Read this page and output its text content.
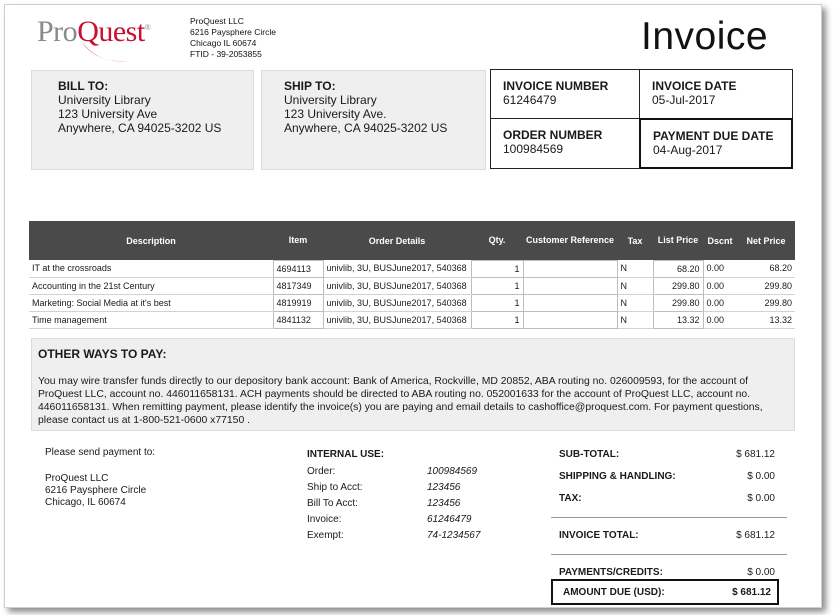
ProQuest®
ProQuest LLC
6216 Paysphere Circle
Chicago IL 60674
FTID - 39-2053855	Invoice
BILL TO:
University Library
123 University Ave
Anywhere, CA 94025-3202 US
SHIP TO:
University Library
123 University Ave.
Anywhere, CA 94025-3202 US
INVOICE NUMBER
61246479
INVOICE DATE
05-Jul-2017
ORDER NUMBER
100984569
PAYMENT DUE DATE
04-Aug-2017
Description	Item	Order Details	Qty.	Customer Reference	Tax	List Price	Dscnt	Net Price
IT at the crossroads	4694113	univlib, 3U, BUSJune2017, 540368	1		N	68.20	0.00	68.20
Accounting in the 21st Century	4817349	univlib, 3U, BUSJune2017, 540368	1		N	299.80	0.00	299.80
Marketing: Social Media at it's best	4819919	univlib, 3U, BUSJune2017, 540368	1		N	299.80	0.00	299.80
Time management	4841132	univlib, 3U, BUSJune2017, 540368	1		N	13.32	0.00	13.32
OTHER WAYS TO PAY:
You may wire transfer funds directly to our depository bank account: Bank of America, Rockville, MD 20852, ABA routing no. 026009593, for the account of ProQuest LLC, account no. 446011658131. ACH payments should be directed to ABA routing no. 052001633 for the account of ProQuest LLC, account no. 446011658131. When remitting payment, please identify the invoice(s) you are paying and email details to cashoffice@proquest.com. For payment questions, please contact us at 1-800-521-0600 x77150 .
Please send payment to:
ProQuest LLC
6216 Paysphere Circle
Chicago, IL 60674
INTERNAL USE:
Order:	100984569
Ship to Acct:	123456
Bill To Acct:	123456
Invoice:	61246479
Exempt:	74-1234567
SUB-TOTAL:	$ 681.12
SHIPPING & HANDLING:	$ 0.00
TAX:	$ 0.00
INVOICE TOTAL:	$ 681.12
PAYMENTS/CREDITS:	$ 0.00
AMOUNT DUE (USD):	$ 681.12
